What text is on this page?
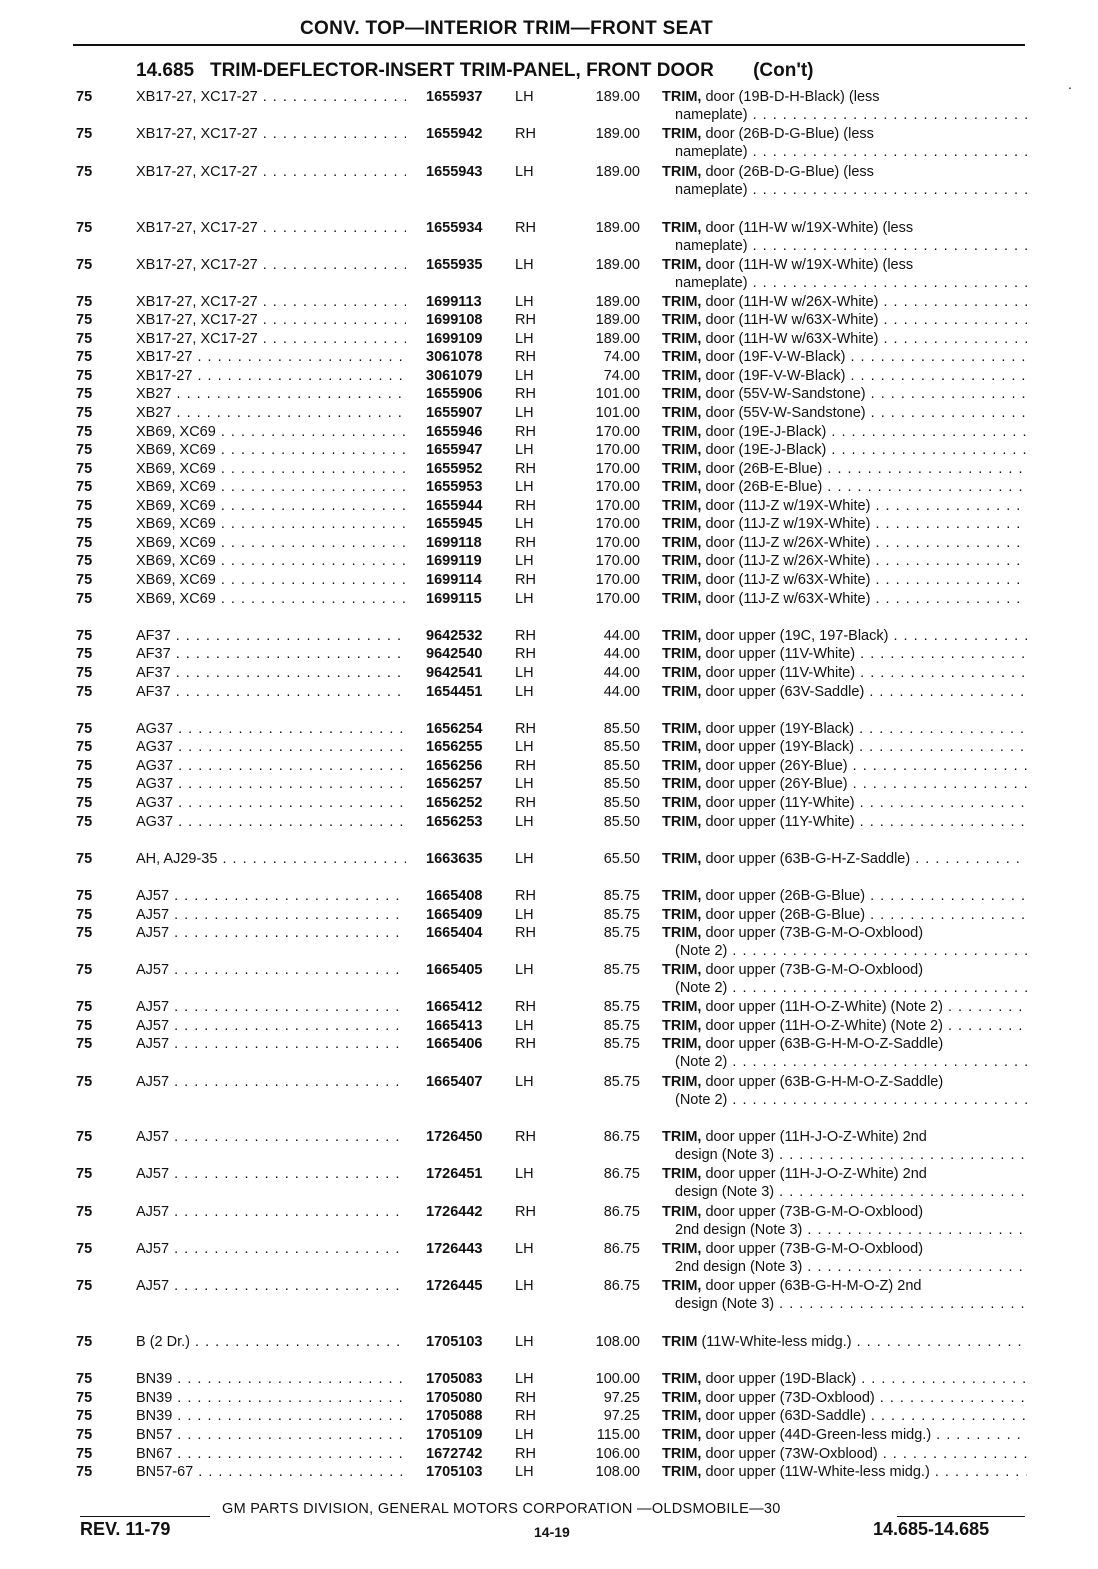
CONV. TOP—INTERIOR TRIM—FRONT SEAT
14.685 TRIM-DEFLECTOR-INSERT TRIM-PANEL, FRONT DOOR (Con't)
.
75	XB17-27, XC17-27 . . .	1655937 LH	189.00 TRIM, door (19B-D-H-Black) (less
nameplate) . . .
75	XB17-27, XC17-27 . . .	1655942 RH	189.00 TRIM, door (26B-D-G-Blue) (less
nameplate) . . .
75	XB17-27, XC17-27 . . .	1655943 LH	189.00 TRIM, door (26B-D-G-Blue) (less
nameplate) . . .
75	XB17-27, XC17-27 . . .	1655934 RH	189.00 TRIM, door (11H-W w/19X-White) (less
nameplate) . . .
75	XB17-27, XC17-27 . . .	1655935 LH	189.00 TRIM, door (11H-W w/19X-White) (less
nameplate) . . .
75	XB17-27, XC17-27 . . .	1699113 LH	189.00 TRIM, door (11H-W w/26X-White) . . .
75	XB17-27, XC17-27 . . .	1699108 RH	189.00 TRIM, door (11H-W w/63X-White) . . .
75	XB17-27, XC17-27 . . .	1699109 LH	189.00 TRIM, door (11H-W w/63X-White) . . .
75	XB17-27 . . .	3061078 RH	74.00 TRIM, door (19F-V-W-Black) . . .
75	XB17-27 . . .	3061079 LH	74.00 TRIM, door (19F-V-W-Black) . . .
75	XB27 . . .	1655906 RH	101.00 TRIM, door (55V-W-Sandstone) . . .
75	XB27 . . .	1655907 LH	101.00 TRIM, door (55V-W-Sandstone) . . .
75	XB69, XC69 . . .	1655946 RH	170.00 TRIM, door (19E-J-Black) . . .
75	XB69, XC69 . . .	1655947 LH	170.00 TRIM, door (19E-J-Black) . . .
75	XB69, XC69 . . .	1655952 RH	170.00 TRIM, door (26B-E-Blue) . . .
75	XB69, XC69 . . .	1655953 LH	170.00 TRIM, door (26B-E-Blue) . . .
75	XB69, XC69 . . .	1655944 RH	170.00 TRIM, door (11J-Z w/19X-White) . . .
75	XB69, XC69 . . .	1655945 LH	170.00 TRIM, door (11J-Z w/19X-White) . . .
75	XB69, XC69 . . .	1699118 RH	170.00 TRIM, door (11J-Z w/26X-White) . . .
75	XB69, XC69 . . .	1699119 LH	170.00 TRIM, door (11J-Z w/26X-White) . . .
75	XB69, XC69 . . .	1699114 RH	170.00 TRIM, door (11J-Z w/63X-White) . . .
75	XB69, XC69 . . .	1699115 LH	170.00 TRIM, door (11J-Z w/63X-White) . . .
75	AF37 . . .	9642532 RH	44.00 TRIM, door upper (19C, 197-Black) . . .
75	AF37 . . .	9642540 RH	44.00 TRIM, door upper (11V-White) . . .
75	AF37 . . .	9642541 LH	44.00 TRIM, door upper (11V-White) . . .
75	AF37 . . .	1654451 LH	44.00 TRIM, door upper (63V-Saddle) . . .
75	AG37 . . .	1656254 RH	85.50 TRIM, door upper (19Y-Black) . . .
75	AG37 . . .	1656255 LH	85.50 TRIM, door upper (19Y-Black) . . .
75	AG37 . . .	1656256 RH	85.50 TRIM, door upper (26Y-Blue) . . .
75	AG37 . . .	1656257 LH	85.50 TRIM, door upper (26Y-Blue) . . .
75	AG37 . . .	1656252 RH	85.50 TRIM, door upper (11Y-White) . . .
75	AG37 . . .	1656253 LH	85.50 TRIM, door upper (11Y-White) . . .
75	AH, AJ29-35 . . .	1663635 LH	65.50 TRIM, door upper (63B-G-H-Z-Saddle) . . .
75	AJ57 . . .	1665408 RH	85.75 TRIM, door upper (26B-G-Blue) . . .
75	AJ57 . . .	1665409 LH	85.75 TRIM, door upper (26B-G-Blue) . . .
75	AJ57 . . .	1665404 RH	85.75 TRIM, door upper (73B-G-M-O-Oxblood)
(Note 2) . . .
75	AJ57 . . .	1665405 LH	85.75 TRIM, door upper (73B-G-M-O-Oxblood)
(Note 2) . . .
75	AJ57 . . .	1665412 RH	85.75 TRIM, door upper (11H-O-Z-White) (Note 2) . . .
75	AJ57 . . .	1665413 LH	85.75 TRIM, door upper (11H-O-Z-White) (Note 2) . . .
75	AJ57 . . .	1665406 RH	85.75 TRIM, door upper (63B-G-H-M-O-Z-Saddle)
(Note 2) . . .
75	AJ57 . . .	1665407 LH	85.75 TRIM, door upper (63B-G-H-M-O-Z-Saddle)
(Note 2) . . .
75	AJ57 . . .	1726450 RH	86.75 TRIM, door upper (11H-J-O-Z-White) 2nd
design (Note 3) . . .
75	AJ57 . . .	1726451 LH	86.75 TRIM, door upper (11H-J-O-Z-White) 2nd
design (Note 3) . . .
75	AJ57 . . .	1726442 RH	86.75 TRIM, door upper (73B-G-M-O-Oxblood)
2nd design (Note 3) . . .
75	AJ57 . . .	1726443 LH	86.75 TRIM, door upper (73B-G-M-O-Oxblood)
2nd design (Note 3) . . .
75	AJ57 . . .	1726445 LH	86.75 TRIM, door upper (63B-G-H-M-O-Z) 2nd
design (Note 3) . . .
75	B (2 Dr.) . . .	1705103 LH	108.00 TRIM (11W-White-less midg.) . . .
75	BN39 . . .	1705083 LH	100.00 TRIM, door upper (19D-Black) . . .
75	BN39 . . .	1705080 RH	97.25 TRIM, door upper (73D-Oxblood) . . .
75	BN39 . . .	1705088 RH	97.25 TRIM, door upper (63D-Saddle) . . .
75	BN57 . . .	1705109 LH	115.00 TRIM, door upper (44D-Green-less midg.) . . .
75	BN67 . . .	1672742 RH	106.00 TRIM, door upper (73W-Oxblood) . . .
75	BN57-67 . . .	1705103 LH	108.00 TRIM, door upper (11W-White-less midg.) . . .
GM PARTS DIVISION, GENERAL MOTORS CORPORATION —OLDSMOBILE—30
REV. 11-79	14-19	14.685-14.685
